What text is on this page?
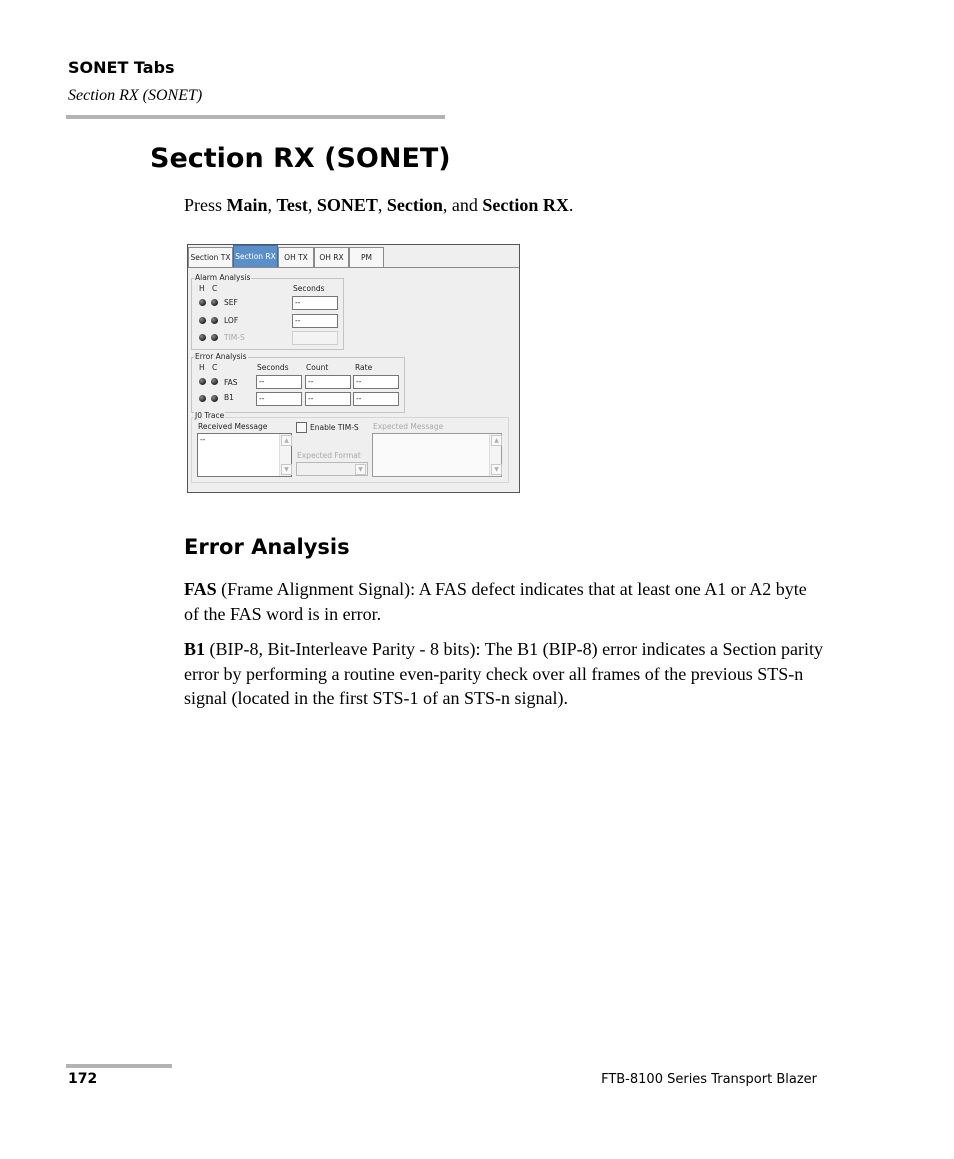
SONET Tabs
Section RX (SONET)
Section RX (SONET)
Press Main, Test, SONET, Section, and Section RX.
Section TX Section RX	OH TX	OH RX	PM
Alarm Analysis
H C	Seconds
SEF	--
LOF	--
TIM-S
Error Analysis
H C	Seconds Count	Rate
FAS	--	--	--
B1	--	--	--
J0 Trace
Received Message
--	▲
▼
Enable TIM-S
Expected Format
▼
Expected Message
▲
▼
Error Analysis

FAS (Frame Alignment Signal): A FAS defect indicates that at least one A1 or A2 byte of the FAS word is in error.

B1 (BIP-8, Bit-Interleave Parity - 8 bits): The B1 (BIP-8) error indicates a Section parity error by performing a routine even-parity check over all frames of the previous STS-n signal (located in the first STS-1 of an STS-n signal).

172	FTB-8100 Series Transport Blazer
